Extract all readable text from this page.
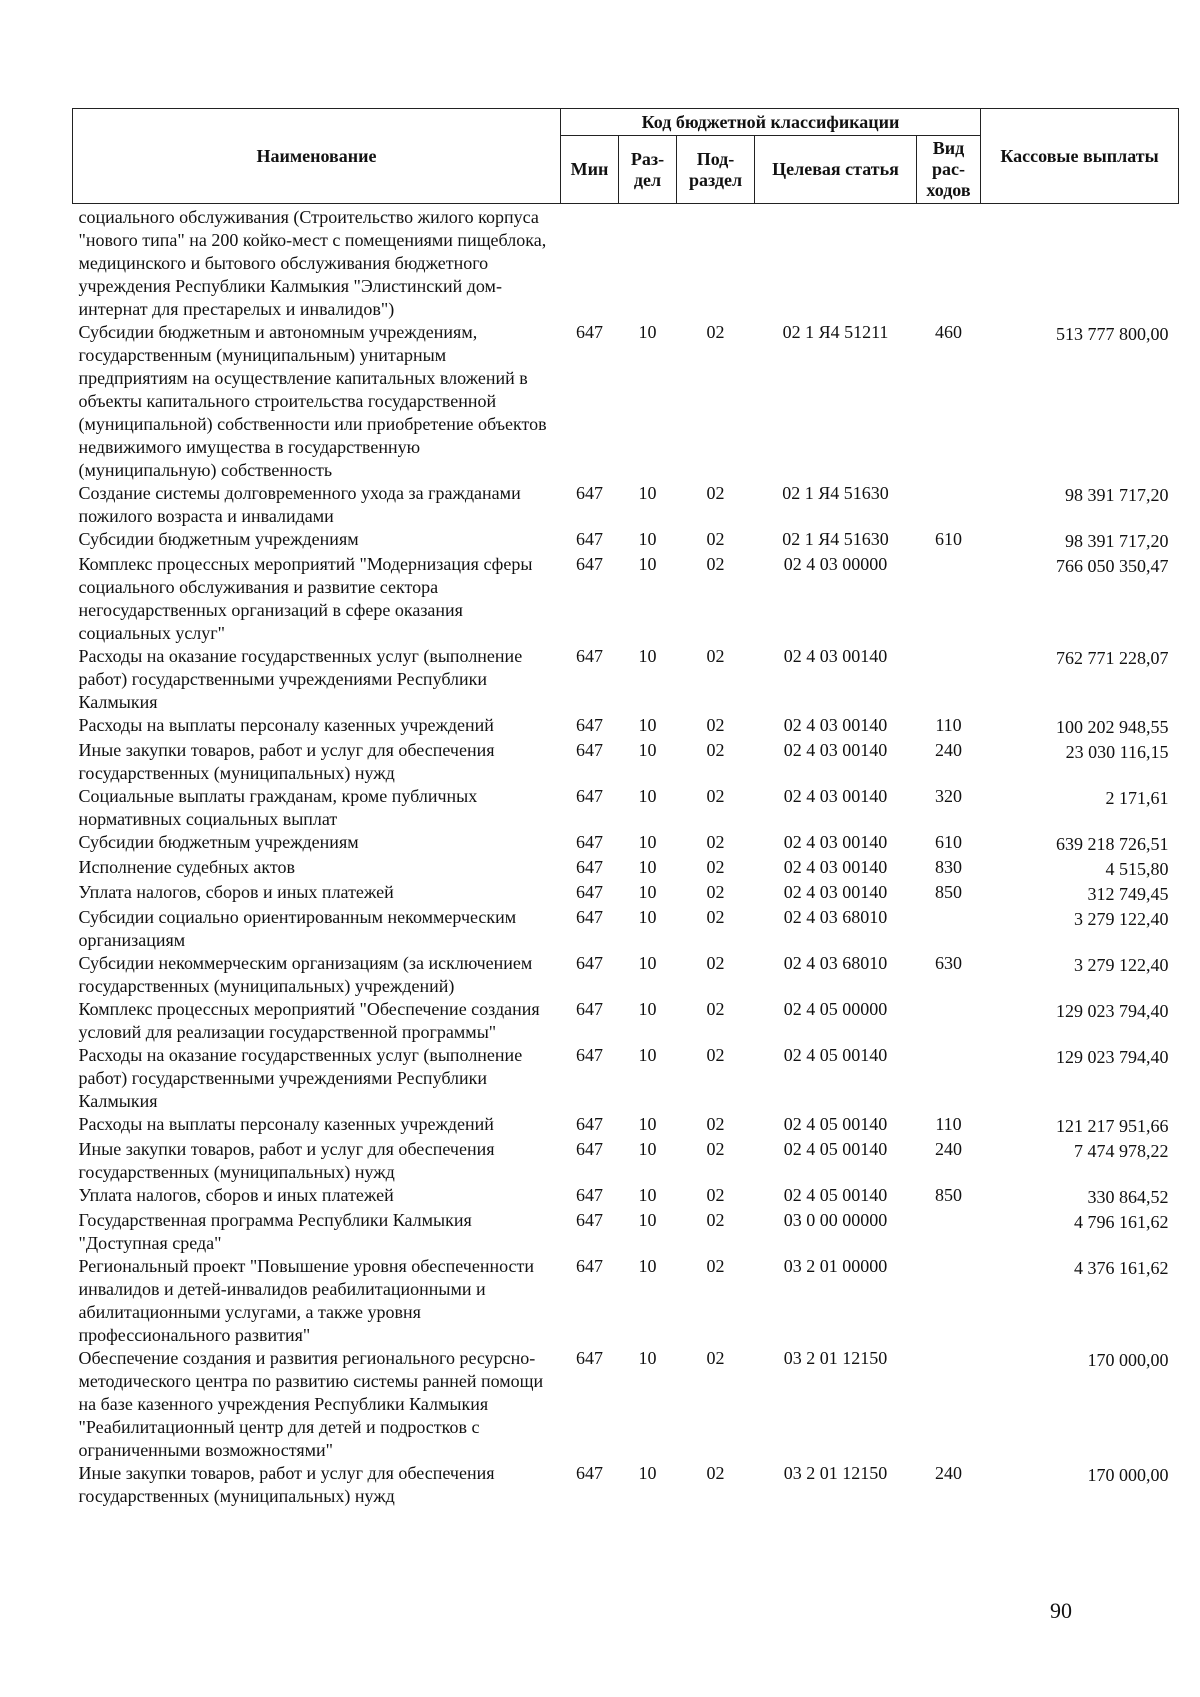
Наименование	Код бюджетной классификации					Кассовые выплаты
	Мин	Раз-дел	Под-раздел	Целевая статья	Вид рас-ходов	
социального обслуживания (Строительство жилого корпуса "нового типа" на 200 койко-мест с помещениями пищеблока, медицинского и бытового обслуживания бюджетного учреждения Республики Калмыкия "Элистинский дом-интернат для престарелых и инвалидов")						
Субсидии бюджетным и автономным учреждениям, государственным (муниципальным) унитарным предприятиям на осуществление капитальных вложений в объекты капитального строительства государственной (муниципальной) собственности или приобретение объектов недвижимого имущества в государственную (муниципальную) собственность	647	10	02	02 1 Я4 51211	460	513 777 800,00
Создание системы долговременного ухода за гражданами пожилого возраста и инвалидами	647	10	02	02 1 Я4 51630		98 391 717,20
Субсидии бюджетным учреждениям	647	10	02	02 1 Я4 51630	610	98 391 717,20
Комплекс процессных мероприятий "Модернизация сферы социального обслуживания и развитие сектора негосударственных организаций в сфере оказания социальных услуг"	647	10	02	02 4 03 00000		766 050 350,47
Расходы на оказание государственных услуг (выполнение работ) государственными учреждениями Республики Калмыкия	647	10	02	02 4 03 00140		762 771 228,07
Расходы на выплаты персоналу казенных учреждений	647	10	02	02 4 03 00140	110	100 202 948,55
Иные закупки товаров, работ и услуг для обеспечения государственных (муниципальных) нужд	647	10	02	02 4 03 00140	240	23 030 116,15
Социальные выплаты гражданам, кроме публичных нормативных социальных выплат	647	10	02	02 4 03 00140	320	2 171,61
Субсидии бюджетным учреждениям	647	10	02	02 4 03 00140	610	639 218 726,51
Исполнение судебных актов	647	10	02	02 4 03 00140	830	4 515,80
Уплата налогов, сборов и иных платежей	647	10	02	02 4 03 00140	850	312 749,45
Субсидии социально ориентированным некоммерческим организациям	647	10	02	02 4 03 68010		3 279 122,40
Субсидии некоммерческим организациям (за исключением государственных (муниципальных) учреждений)	647	10	02	02 4 03 68010	630	3 279 122,40
Комплекс процессных мероприятий "Обеспечение создания условий для реализации государственной программы"	647	10	02	02 4 05 00000		129 023 794,40
Расходы на оказание государственных услуг (выполнение работ) государственными учреждениями Республики Калмыкия	647	10	02	02 4 05 00140		129 023 794,40
Расходы на выплаты персоналу казенных учреждений	647	10	02	02 4 05 00140	110	121 217 951,66
Иные закупки товаров, работ и услуг для обеспечения государственных (муниципальных) нужд	647	10	02	02 4 05 00140	240	7 474 978,22
Уплата налогов, сборов и иных платежей	647	10	02	02 4 05 00140	850	330 864,52
Государственная программа Республики Калмыкия "Доступная среда"	647	10	02	03 0 00 00000		4 796 161,62
Региональный проект "Повышение уровня обеспеченности инвалидов и детей-инвалидов реабилитационными и абилитационными услугами, а также уровня профессионального развития"	647	10	02	03 2 01 00000		4 376 161,62
Обеспечение создания и развития регионального ресурсно-методического центра по развитию системы ранней помощи на базе казенного учреждения Республики Калмыкия "Реабилитационный центр для детей и подростков с ограниченными возможностями"	647	10	02	03 2 01 12150		170 000,00
Иные закупки товаров, работ и услуг для обеспечения государственных (муниципальных) нужд	647	10	02	03 2 01 12150	240	170 000,00
90
